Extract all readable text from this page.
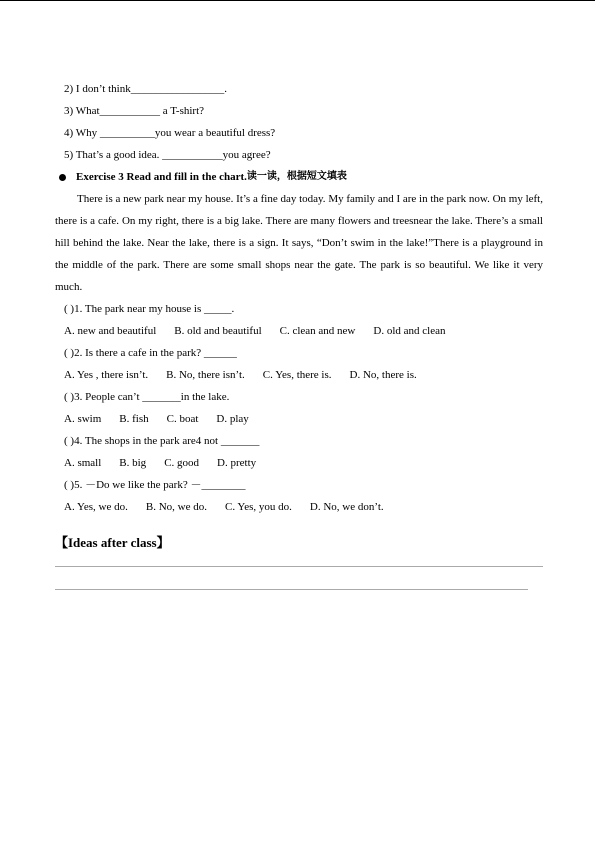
2) I don’t think_________________.
3) What___________ a T-shirt?
4) Why __________you wear a beautiful dress?
5) That’s a good idea. ___________you agree?
Exercise 3 Read and fill in the chart. 读一读，根据短文填表

There is a new park near my house. It’s a fine day today. My family and I are in the park now. On my left, there is a cafe. On my right, there is a big lake. There are many flowers and treesnear the lake. There’s a small hill behind the lake. Near the lake, there is a sign. It says, “Don’t swim in the lake!”There is a playground in the middle of the park. There are some small shops near the gate. The park is so beautiful. We like it very much.

( )1. The park near my house is _____.
A. new and beautiful B. old and beautiful C. clean and new D. old and clean
( )2. Is there a cafe in the park? ______
A. Yes , there isn’t. B. No, there isn’t. C. Yes, there is. D. No, there is.
( )3. People can’t _______in the lake.
A. swim B. fish C. boat D. play
( )4. The shops in the park are4 not _______
A. small B. big C. good D. pretty
( )5. －Do we like the park? －________
A. Yes, we do. B. No, we do. C. Yes, you do. D. No, we don’t.
【Ideas after class】
